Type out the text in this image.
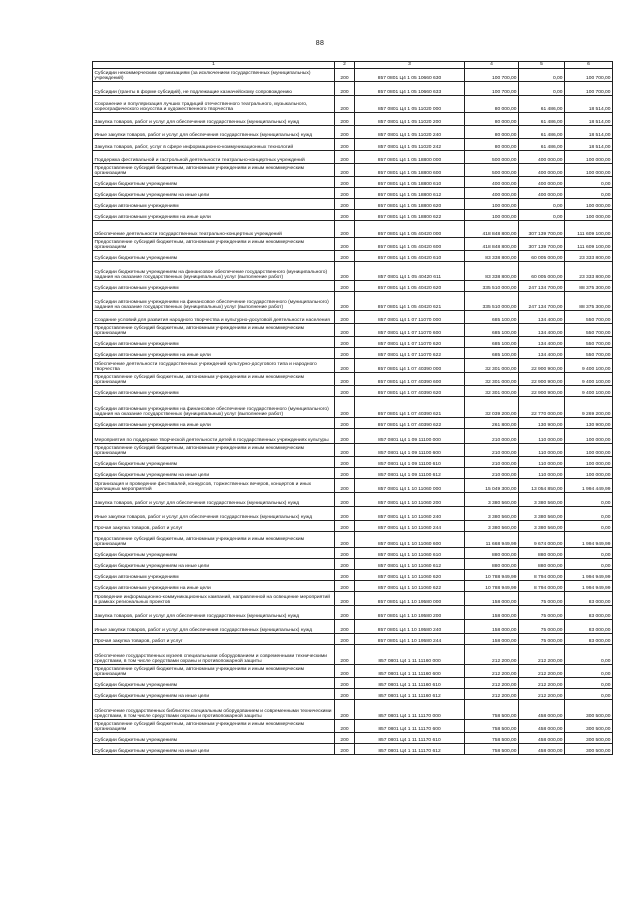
88
1	2	3	4	5	6
Субсидии некоммерческим организациям (за исключением государственных (муниципальных) учреждений)	200	857 0801 Ц4 1 05 10660 630	100 700,00	0,00	100 700,00
Субсидии (гранты в форме субсидий), не подлежащие казначейскому сопровождению	200	857 0801 Ц4 1 05 10660 633	100 700,00	0,00	100 700,00
Сохранение и популяризация лучших традиций отечественного театрального, музыкального, хореографического искусства и художественного творчества	200	857 0801 Ц4 1 05 11020 000	80 000,00	61 486,00	18 514,00
Закупка товаров, работ и услуг для обеспечения государственных (муниципальных) нужд	200	857 0801 Ц4 1 05 11020 200	80 000,00	61 486,00	18 514,00
Иные закупки товаров, работ и услуг для обеспечения государственных (муниципальных) нужд	200	857 0801 Ц4 1 05 11020 240	80 000,00	61 486,00	18 514,00
Закупка товаров, работ, услуг в сфере информационно-коммуникационных технологий	200	857 0801 Ц4 1 05 11020 242	80 000,00	61 486,00	18 514,00
Поддержка фестивальной и гастрольной деятельности театрально-концертных учреждений	200	857 0801 Ц4 1 05 18800 000	500 000,00	400 000,00	100 000,00
Предоставление субсидий бюджетным, автономным учреждениям и иным некоммерческим организациям	200	857 0801 Ц4 1 05 18800 600	500 000,00	400 000,00	100 000,00
Субсидии бюджетным учреждениям	200	857 0801 Ц4 1 05 18800 610	400 000,00	400 000,00	0,00
Субсидии бюджетным учреждениям на иные цели	200	857 0801 Ц4 1 05 18800 612	400 000,00	400 000,00	0,00
Субсидии автономным учреждениям	200	857 0801 Ц4 1 05 18800 620	100 000,00	0,00	100 000,00
Субсидии автономным учреждениям на иные цели	200	857 0801 Ц4 1 05 18800 622	100 000,00	0,00	100 000,00
Обеспечение деятельности государственных театрально-концертных учреждений	200	857 0801 Ц4 1 05 40420 000	418 848 800,00	307 139 700,00	111 609 100,00
Предоставление субсидий бюджетным, автономным учреждениям и иным некоммерческим организациям	200	857 0801 Ц4 1 05 40420 600	418 848 800,00	307 139 700,00	111 609 100,00
Субсидии бюджетным учреждениям	200	857 0801 Ц4 1 05 40420 610	83 338 800,00	60 005 000,00	23 333 800,00
Субсидии бюджетным учреждениям на финансовое обеспечение государственного (муниципального) задания на оказание государственных (муниципальных) услуг (выполнение работ)	200	857 0801 Ц4 1 05 40420 611	83 338 800,00	60 005 000,00	23 333 800,00
Субсидии автономным учреждениям	200	857 0801 Ц4 1 05 40420 620	335 510 000,00	247 134 700,00	88 375 300,00
Субсидии автономным учреждениям на финансовое обеспечение государственного (муниципального) задания на оказание государственных (муниципальных) услуг (выполнение работ)	200	857 0801 Ц4 1 05 40420 621	335 510 000,00	247 134 700,00	88 375 300,00
Создание условий для развития народного творчества и культурно-досуговой деятельности населения	200	857 0801 Ц4 1 07 11070 000	685 100,00	134 400,00	550 700,00
Предоставление субсидий бюджетным, автономным учреждениям и иным некоммерческим организациям	200	857 0801 Ц4 1 07 11070 600	685 100,00	134 400,00	550 700,00
Субсидии автономным учреждениям	200	857 0801 Ц4 1 07 11070 620	685 100,00	134 400,00	550 700,00
Субсидии автономным учреждениям на иные цели	200	857 0801 Ц4 1 07 11070 622	685 100,00	134 400,00	550 700,00
Обеспечение деятельности государственных учреждений культурно-досугового типа и народного творчества	200	857 0801 Ц4 1 07 40390 000	32 301 000,00	22 900 900,00	9 400 100,00
Предоставление субсидий бюджетным, автономным учреждениям и иным некоммерческим организациям	200	857 0801 Ц4 1 07 40390 600	32 301 000,00	22 900 900,00	9 400 100,00
Субсидии автономным учреждениям	200	857 0801 Ц4 1 07 40390 620	32 301 000,00	22 900 900,00	9 400 100,00
Субсидии автономным учреждениям на финансовое обеспечение государственного (муниципального) задания на оказание государственных (муниципальных) услуг (выполнение работ)	200	857 0801 Ц4 1 07 40390 621	32 039 200,00	22 770 000,00	9 269 200,00
Субсидии автономным учреждениям на иные цели	200	857 0801 Ц4 1 07 40390 622	261 800,00	130 900,00	130 900,00
Мероприятия по поддержке творческой деятельности детей в государственных учреждениях культуры	200	857 0801 Ц4 1 09 11100 000	210 000,00	110 000,00	100 000,00
Предоставление субсидий бюджетным, автономным учреждениям и иным некоммерческим организациям	200	857 0801 Ц4 1 09 11100 600	210 000,00	110 000,00	100 000,00
Субсидии бюджетным учреждениям	200	857 0801 Ц4 1 09 11100 610	210 000,00	110 000,00	100 000,00
Субсидии бюджетным учреждениям на иные цели	200	857 0801 Ц4 1 09 11100 612	210 000,00	110 000,00	100 000,00
Организация и проведение фестивалей, конкурсов, торжественных вечеров, концертов и иных зрелищных мероприятий	200	857 0801 Ц4 1 10 11060 000	15 049 300,00	13 054 850,00	1 994 449,99
Закупка товаров, работ и услуг для обеспечения государственных (муниципальных) нужд	200	857 0801 Ц4 1 10 11060 200	3 380 560,00	3 380 560,00	0,00
Иные закупки товаров, работ и услуг для обеспечения государственных (муниципальных) нужд	200	857 0801 Ц4 1 10 11060 240	3 380 560,00	3 380 560,00	0,00
Прочая закупка товаров, работ и услуг	200	857 0801 Ц4 1 10 11060 244	3 380 560,00	3 380 560,00	0,00
Предоставление субсидий бюджетным, автономным учреждениям и иным некоммерческим организациям	200	857 0801 Ц4 1 10 11060 600	11 668 949,99	9 674 000,00	1 994 949,99
Субсидии бюджетным учреждениям	200	857 0801 Ц4 1 10 11060 610	880 000,00	880 000,00	0,00
Субсидии бюджетным учреждениям на иные цели	200	857 0801 Ц4 1 10 11060 612	880 000,00	880 000,00	0,00
Субсидии автономным учреждениям	200	857 0801 Ц4 1 10 11060 620	10 788 949,99	8 794 000,00	1 994 949,99
Субсидии автономным учреждениям на иные цели	200	857 0801 Ц4 1 10 11060 622	10 788 949,99	8 794 000,00	1 994 949,99
Проведение информационно-коммуникационных кампаний, направленной на освещение мероприятий в рамках региональных проектов	200	857 0801 Ц4 1 10 19580 000	158 000,00	75 000,00	83 000,00
Закупка товаров, работ и услуг для обеспечения государственных (муниципальных) нужд	200	857 0801 Ц4 1 10 19580 200	158 000,00	75 000,00	83 000,00
Иные закупки товаров, работ и услуг для обеспечения государственных (муниципальных) нужд	200	857 0801 Ц4 1 10 19580 240	158 000,00	75 000,00	83 000,00
Прочая закупка товаров, работ и услуг	200	857 0801 Ц4 1 10 19580 244	158 000,00	75 000,00	83 000,00
Обеспечение государственных музеев специальными оборудованием и современными техническими средствами, в том числе средствами охраны и противопожарной защиты	200	857 0801 Ц4 1 11 11160 000	212 200,00	212 200,00	0,00
Предоставление субсидий бюджетным, автономным учреждениям и иным некоммерческим организациям	200	857 0801 Ц4 1 11 11160 600	212 200,00	212 200,00	0,00
Субсидии бюджетным учреждениям	200	857 0801 Ц4 1 11 11160 610	212 200,00	212 200,00	0,00
Субсидии бюджетным учреждениям на иные цели	200	857 0801 Ц4 1 11 11160 612	212 200,00	212 200,00	0,00
Обеспечение государственных библиотек специальным оборудованием и современными техническими средствами, в том числе средствами охраны и противопожарной защиты	200	857 0801 Ц4 1 11 11170 000	758 500,00	458 000,00	300 500,00
Предоставление субсидий бюджетным, автономным учреждениям и иным некоммерческим организациям	200	857 0801 Ц4 1 11 11170 600	758 500,00	458 000,00	300 500,00
Субсидии бюджетным учреждениям	200	857 0801 Ц4 1 11 11170 610	758 500,00	458 000,00	300 500,00
Субсидии бюджетным учреждениям на иные цели	200	857 0801 Ц4 1 11 11170 612	758 500,00	458 000,00	300 500,00
